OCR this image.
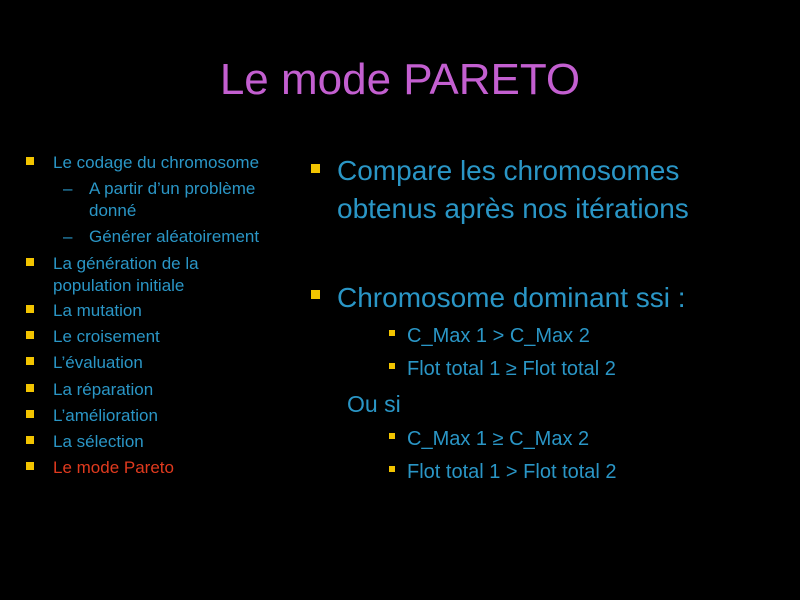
Le mode PARETO
Le codage du chromosome
– A partir d’un problème
donné
– Générer aléatoirement
La génération de la
population initiale
La mutation
Le croisement
L’évaluation
La réparation
L’amélioration
La sélection
Le mode Pareto
Compare les chromosomes
obtenus après nos itérations
Chromosome dominant ssi :
C_Max 1 > C_Max 2
Flot total 1 ≥ Flot total 2
Ou si
C_Max 1 ≥ C_Max 2
Flot total 1 > Flot total 2
